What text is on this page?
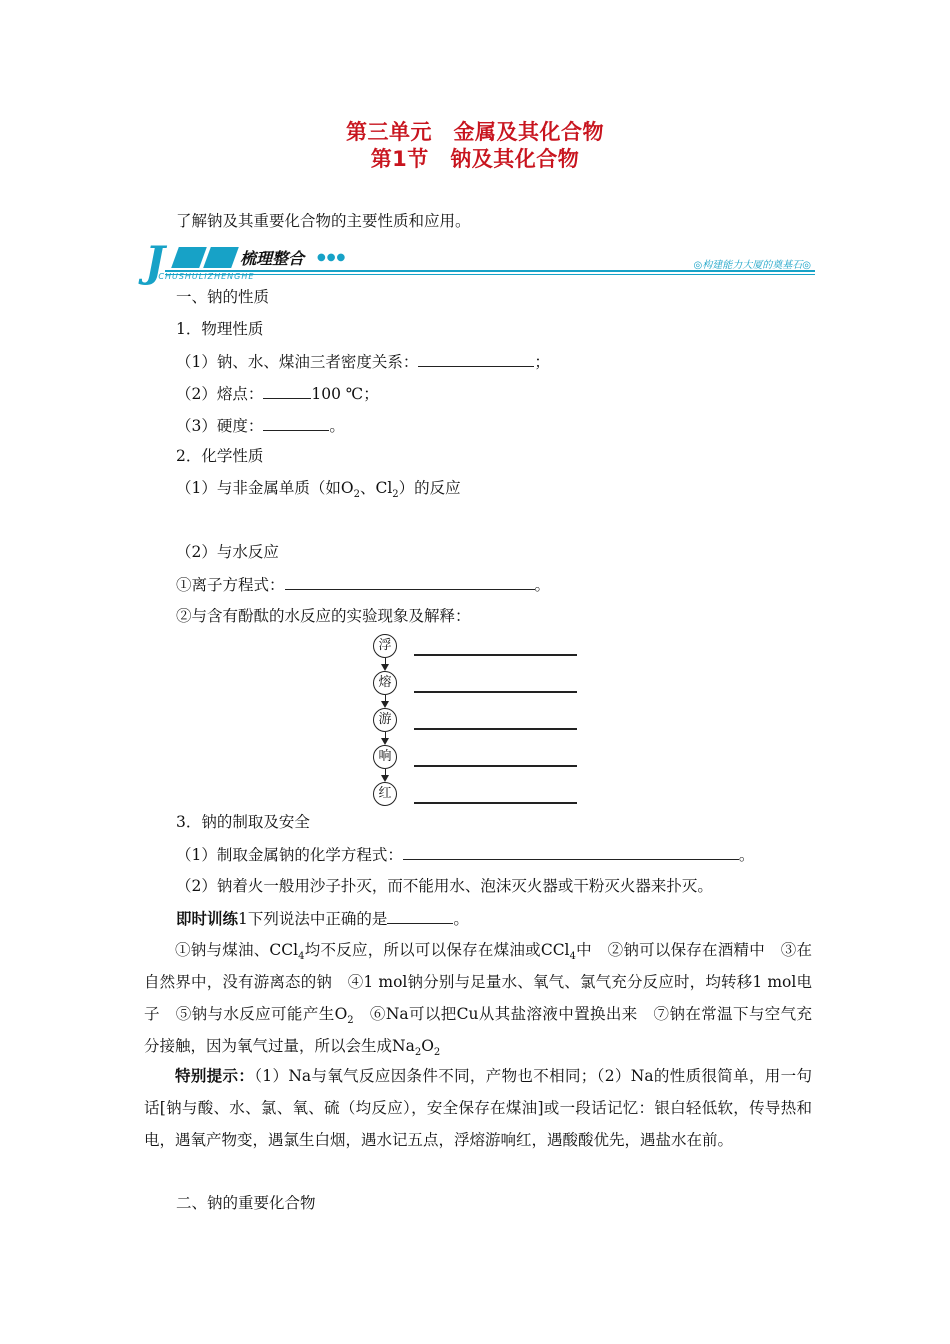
第三单元　金属及其化合物
第1节　钠及其化合物
了解钠及其重要化合物的主要性质和应用。
J	梳理整合 ●●●
ICHUSHULIZHENGHE
◎构建能力大厦的奠基石◎
一、钠的性质
1．物理性质
（1）钠、水、煤油三者密度关系：	；
（2）熔点：	100 ℃；
（3）硬度：	。
2．化学性质
（1）与非金属单质（如$O_2$、$Cl_2$）的反应
（2）与水反应
①离子方程式：	。
②与含有酚酞的水反应的实验现象及解释：
浮
熔
游
响
红
3．钠的制取及安全
（1）制取金属钠的化学方程式：	。
（2）钠着火一般用沙子扑灭，而不能用水、泡沫灭火器或干粉灭火器来扑灭。
即时训练1下列说法中正确的是	。
①钠与煤油、CCl$_4$均不反应，所以可以保存在煤油或CCl$_4$中　②钠可以保存在酒精中　③在自然界中，没有游离态的钠　④1 mol钠分别与足量水、氧气、氯气充分反应时，均转移1 mol电子　⑤钠与水反应可能产生$O_2$　⑥Na可以把Cu从其盐溶液中置换出来　⑦钠在常温下与空气充分接触，因为氧气过量，所以会生成$Na_2O_2$
特别提示：（1）Na与氧气反应因条件不同，产物也不相同；（2）Na的性质很简单，用一句话[钠与酸、水、氯、氧、硫（均反应），安全保存在煤油]或一段话记忆：银白轻低软，传导热和电，遇氧产物变，遇氯生白烟，遇水记五点，浮熔游响红，遇酸酸优先，遇盐水在前。
二、钠的重要化合物
